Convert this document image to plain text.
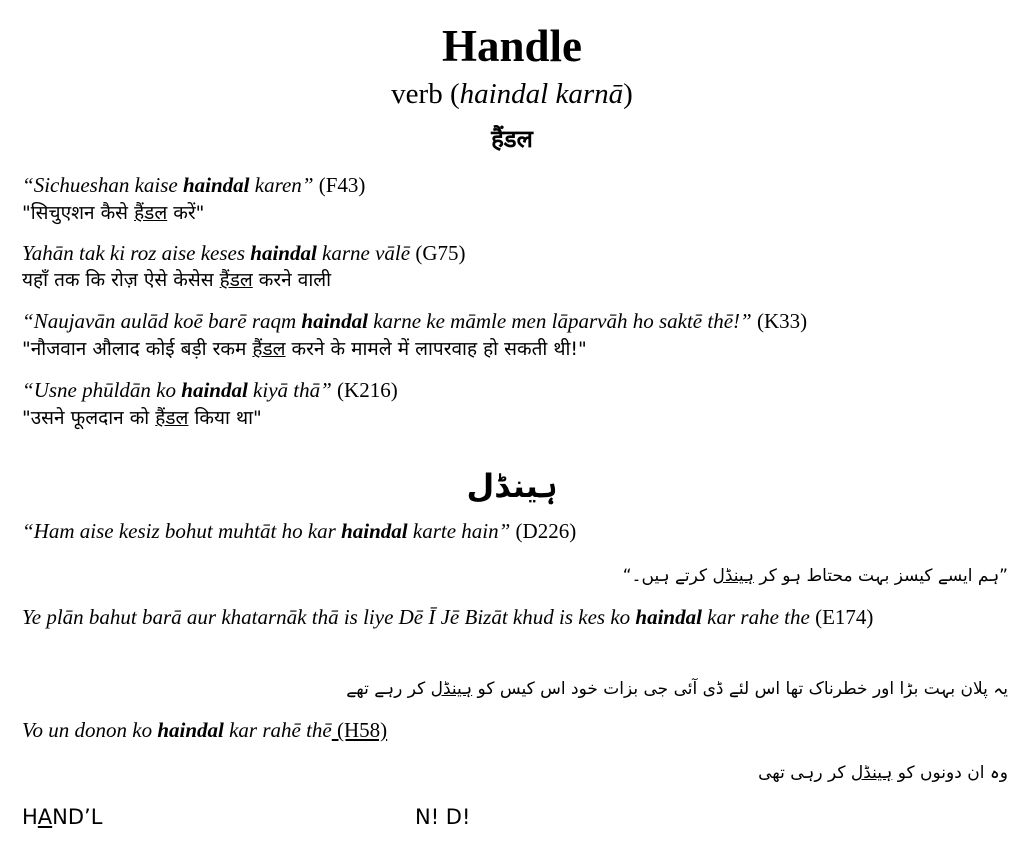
Handle
verb (haindal karnā)
हैंडल
“Sichueshan kaise haindal karen” (F43)
"सिचुएशन कैसे हैंडल करें"
Yahān tak ki roz aise keses haindal karne vālē (G75)
यहाँ तक कि रोज़ ऐसे केसेस हैंडल करने वाली
“Naujavān aulād koē barē raqm haindal karne ke māmle men lāparvāh ho saktē thē!” (K33)
"नौजवान औलाद कोई बड़ी रकम हैंडल करने के मामले में लापरवाह हो सकती थी!"
“Usne phūldān ko haindal kiyā thā” (K216)
"उसने फूलदान को हैंडल किया था"
ہینڈل
“Ham aise kesiz bohut muhtāt ho kar haindal karte hain” (D226)
”ہم ایسے کیسز بہت محتاط ہو کر ہینڈل کرتے ہیں۔“
Ye plān bahut barā aur khatarnāk thā is liye Dē Ī Jē Bizāt khud is kes ko haindal kar rahe the (E174)
یہ پلان بہت بڑا اور خطرناک تھا اس لئے ڈی آئی جی بزات خود اس کیس کو ہینڈل کر رہے تھے
Vo un donon ko haindal kar rahē thē (H58)
وہ ان دونوں کو ہینڈل کر رہی تھی
HAND’L	N! D!
